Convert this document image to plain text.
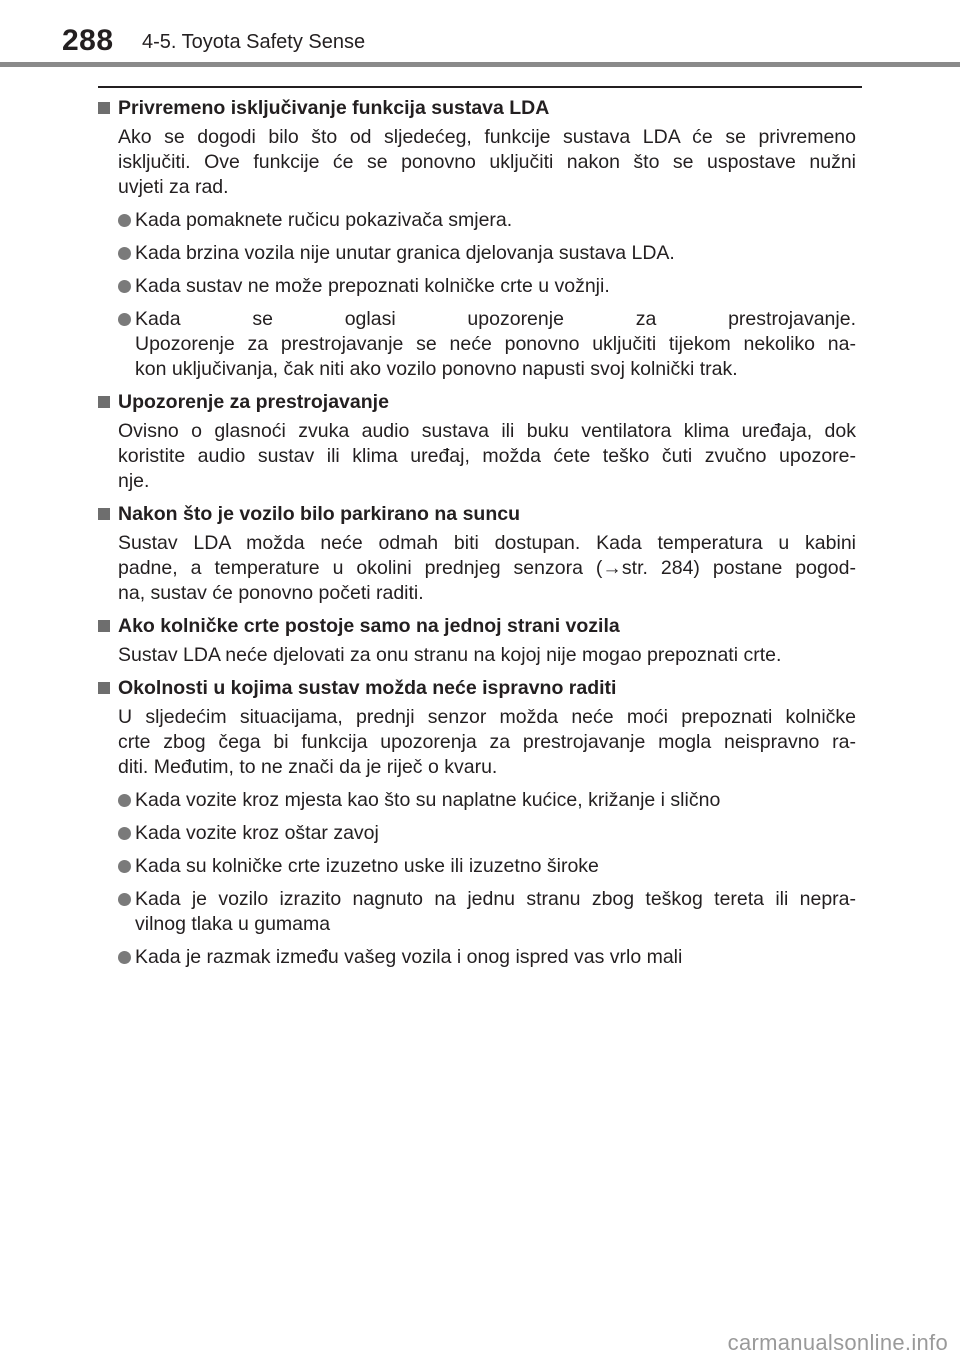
288 4-5. Toyota Safety Sense
Privremeno isključivanje funkcija sustava LDA
Ako se dogodi bilo što od sljedećeg, funkcije sustava LDA će se privremeno
isključiti. Ove funkcije će se ponovno uključiti nakon što se uspostave nužni
uvjeti za rad.
Kada pomaknete ručicu pokazivača smjera.
Kada brzina vozila nije unutar granica djelovanja sustava LDA.
Kada sustav ne može prepoznati kolničke crte u vožnji.
Kada se oglasi upozorenje za prestrojavanje.
Upozorenje za prestrojavanje se neće ponovno uključiti tijekom nekoliko na-
kon uključivanja, čak niti ako vozilo ponovno napusti svoj kolnički trak.
Upozorenje za prestrojavanje
Ovisno o glasnoći zvuka audio sustava ili buku ventilatora klima uređaja, dok
koristite audio sustav ili klima uređaj, možda ćete teško čuti zvučno upozore-
nje.
Nakon što je vozilo bilo parkirano na suncu
Sustav LDA možda neće odmah biti dostupan. Kada temperatura u kabini
padne, a temperature u okolini prednjeg senzora (→str. 284) postane pogod-
na, sustav će ponovno početi raditi.
Ako kolničke crte postoje samo na jednoj strani vozila
Sustav LDA neće djelovati za onu stranu na kojoj nije mogao prepoznati crte.
Okolnosti u kojima sustav možda neće ispravno raditi
U sljedećim situacijama, prednji senzor možda neće moći prepoznati kolničke
crte zbog čega bi funkcija upozorenja za prestrojavanje mogla neispravno ra-
diti. Međutim, to ne znači da je riječ o kvaru.
Kada vozite kroz mjesta kao što su naplatne kućice, križanje i slično
Kada vozite kroz oštar zavoj
Kada su kolničke crte izuzetno uske ili izuzetno široke
Kada je vozilo izrazito nagnuto na jednu stranu zbog teškog tereta ili nepra-
vilnog tlaka u gumama
Kada je razmak između vašeg vozila i onog ispred vas vrlo mali
carmanualsonline.info
